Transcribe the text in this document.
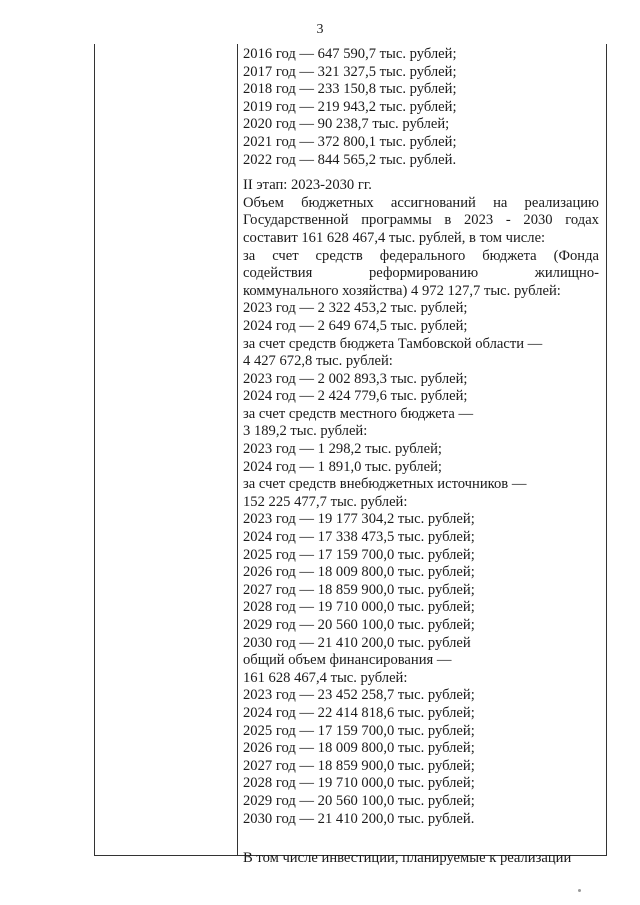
3
2016 год — 647 590,7 тыс. рублей;
2017 год — 321 327,5 тыс. рублей;
2018 год — 233 150,8 тыс. рублей;
2019 год — 219 943,2 тыс. рублей;
2020 год — 90 238,7 тыс. рублей;
2021 год — 372 800,1 тыс. рублей;
2022 год — 844 565,2 тыс. рублей.
II этап: 2023-2030 гг.
Объем бюджетных ассигнований на реализацию
Государственной программы в 2023 - 2030 годах
составит 161 628 467,4 тыс. рублей, в том числе:
за счет средств федерального бюджета (Фонда
содействия	реформированию	жилищно-
коммунального хозяйства) 4 972 127,7 тыс. рублей:
2023 год — 2 322 453,2 тыс. рублей;
2024 год — 2 649 674,5 тыс. рублей;
за счет средств бюджета Тамбовской области —
4 427 672,8 тыс. рублей:
2023 год — 2 002 893,3 тыс. рублей;
2024 год — 2 424 779,6 тыс. рублей;
за счет средств местного бюджета —
3 189,2 тыс. рублей:
2023 год — 1 298,2 тыс. рублей;
2024 год — 1 891,0 тыс. рублей;
за счет средств внебюджетных источников —
152 225 477,7 тыс. рублей:
2023 год — 19 177 304,2 тыс. рублей;
2024 год — 17 338 473,5 тыс. рублей;
2025 год — 17 159 700,0 тыс. рублей;
2026 год — 18 009 800,0 тыс. рублей;
2027 год — 18 859 900,0 тыс. рублей;
2028 год — 19 710 000,0 тыс. рублей;
2029 год — 20 560 100,0 тыс. рублей;
2030 год — 21 410 200,0 тыс. рублей
общий объем финансирования —
161 628 467,4 тыс. рублей:
2023 год — 23 452 258,7 тыс. рублей;
2024 год — 22 414 818,6 тыс. рублей;
2025 год — 17 159 700,0 тыс. рублей;
2026 год — 18 009 800,0 тыс. рублей;
2027 год — 18 859 900,0 тыс. рублей;
2028 год — 19 710 000,0 тыс. рублей;
2029 год — 20 560 100,0 тыс. рублей;
2030 год — 21 410 200,0 тыс. рублей.
В том числе инвестиции, планируемые к реализации
